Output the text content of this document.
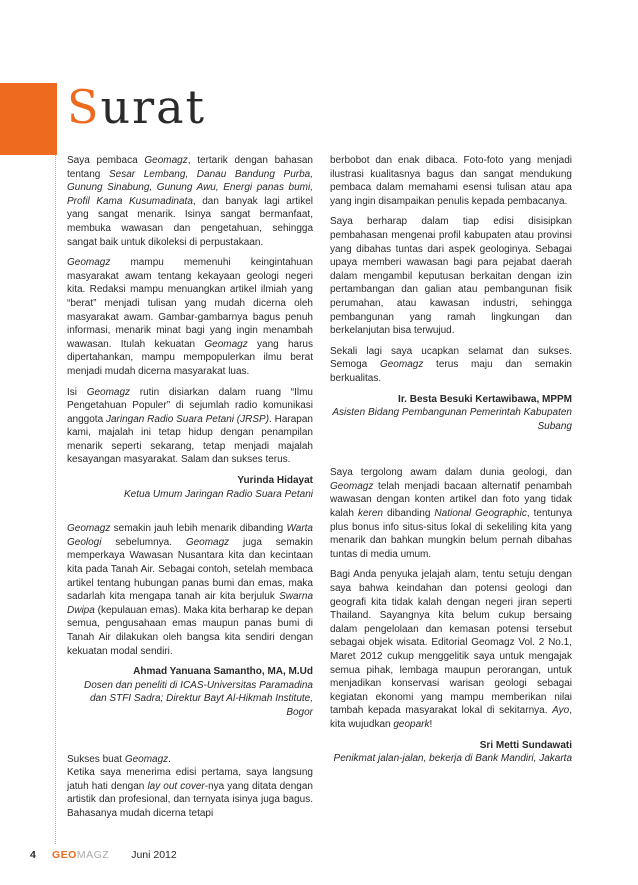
Surat

Saya pembaca Geomagz, tertarik dengan bahasan tentang Sesar Lembang, Danau Bandung Purba, Gunung Sinabung, Gunung Awu, Energi panas bumi, Profil Kama Kusumadinata, dan banyak lagi artikel yang sangat menarik. Isinya sangat bermanfaat, membuka wawasan dan pengetahuan, sehingga sangat baik untuk dikoleksi di perpustakaan.

Geomagz mampu memenuhi keingintahuan masyarakat awam tentang kekayaan geologi negeri kita. Redaksi mampu menuangkan artikel ilmiah yang “berat” menjadi tulisan yang mudah dicerna oleh masyarakat awam. Gambar-gambarnya bagus penuh informasi, menarik minat bagi yang ingin menambah wawasan. Itulah kekuatan Geomagz yang harus dipertahankan, mampu mempopulerkan ilmu berat menjadi mudah dicerna masyarakat luas.

Isi Geomagz rutin disiarkan dalam ruang “Ilmu Pengetahuan Populer” di sejumlah radio komunikasi anggota Jaringan Radio Suara Petani (JRSP). Harapan kami, majalah ini tetap hidup dengan penampilan menarik seperti sekarang, tetap menjadi majalah kesayangan masyarakat. Salam dan sukses terus.

Yurinda Hidayat
Ketua Umum Jaringan Radio Suara Petani

Geomagz semakin jauh lebih menarik dibanding Warta Geologi sebelumnya. Geomagz juga semakin memperkaya Wawasan Nusantara kita dan kecintaan kita pada Tanah Air. Sebagai contoh, setelah membaca artikel tentang hubungan panas bumi dan emas, maka sadarlah kita mengapa tanah air kita berjuluk Swarna Dwipa (kepulauan emas). Maka kita berharap ke depan semua, pengusahaan emas maupun panas bumi di Tanah Air dilakukan oleh bangsa kita sendiri dengan kekuatan modal sendiri.

Ahmad Yanuana Samantho, MA, M.Ud
Dosen dan peneliti di ICAS-Universitas Paramadina dan STFI Sadra; Direktur Bayt Al-Hikmah Institute, Bogor

Sukses buat Geomagz.
Ketika saya menerima edisi pertama, saya langsung jatuh hati dengan lay out cover-nya yang ditata dengan artistik dan profesional, dan ternyata isinya juga bagus. Bahasanya mudah dicerna tetapi

berbobot dan enak dibaca. Foto-foto yang menjadi ilustrasi kualitasnya bagus dan sangat mendukung pembaca dalam memahami esensi tulisan atau apa yang ingin disampaikan penulis kepada pembacanya.

Saya berharap dalam tiap edisi disisipkan pembahasan mengenai profil kabupaten atau provinsi yang dibahas tuntas dari aspek geologinya. Sebagai upaya memberi wawasan bagi para pejabat daerah dalam mengambil keputusan berkaitan dengan izin pertambangan dan galian atau pembangunan fisik perumahan, atau kawasan industri, sehingga pembangunan yang ramah lingkungan dan berkelanjutan bisa terwujud.

Sekali lagi saya ucapkan selamat dan sukses. Semoga Geomagz terus maju dan semakin berkualitas.

Ir. Besta Besuki Kertawibawa, MPPM
Asisten Bidang Pembangunan Pemerintah Kabupaten Subang

Saya tergolong awam dalam dunia geologi, dan Geomagz telah menjadi bacaan alternatif penambah wawasan dengan konten artikel dan foto yang tidak kalah keren dibanding National Geographic, tentunya plus bonus info situs-situs lokal di sekeliling kita yang menarik dan bahkan mungkin belum pernah dibahas tuntas di media umum.

Bagi Anda penyuka jelajah alam, tentu setuju dengan saya bahwa keindahan dan potensi geologi dan geografi kita tidak kalah dengan negeri jiran seperti Thailand. Sayangnya kita belum cukup bersaing dalam pengelolaan dan kemasan potensi tersebut sebagai objek wisata. Editorial Geomagz Vol. 2 No.1, Maret 2012 cukup menggelitik saya untuk mengajak semua pihak, lembaga maupun perorangan, untuk menjadikan konservasi warisan geologi sebagai kegiatan ekonomi yang mampu memberikan nilai tambah kepada masyarakat lokal di sekitarnya. Ayo, kita wujudkan geopark!

Sri Metti Sundawati
Penikmat jalan-jalan, bekerja di Bank Mandiri, Jakarta
4	GEOMAGZ Juni 2012
